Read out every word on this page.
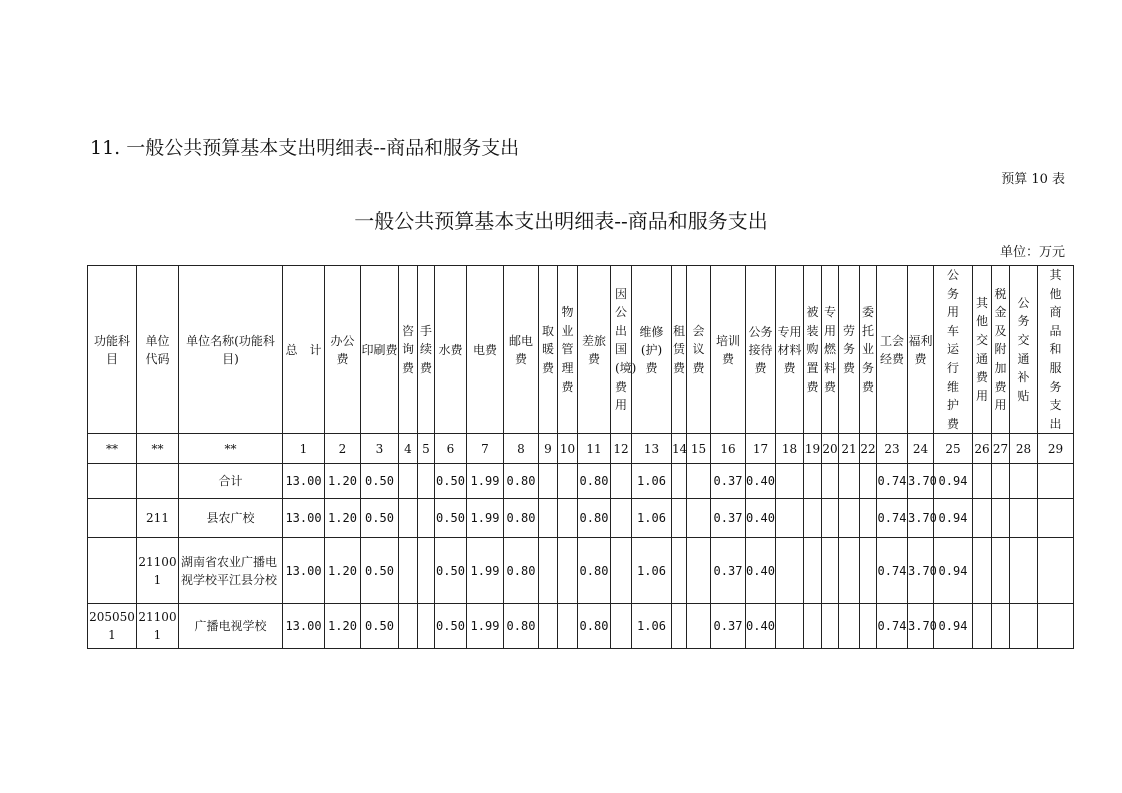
11. 一般公共预算基本支出明细表--商品和服务支出
预算 10 表
一般公共预算基本支出明细表--商品和服务支出
单位：万元
功能科目	单位代码	单位名称(功能科目)	总　计	办公费	印刷费	咨询费	手续费	水费	电费	邮电费	取暖费	物业管理费	差旅费	因公出国(境)费用	维修(护)费	租赁费	会议费	培训费	公务接待费	专用材料费	被装购置费	专用燃料费	劳务费	委托业务费	工会经费	福利费	公务用车运行维护费	其他交通费用	税金及附加费用	公务交通补贴	其他商品和服务支出
**	**	**	1	2	3	4	5	6	7	8	9	10	11	12	13	14	15	16	17	18	19	20	21	22	23	24	25	26	27	28	29
		合计	13.00	1.20	0.50			0.50	1.99	0.80			0.80		1.06			0.37	0.40						0.74	3.70	0.94				
	211	县农广校	13.00	1.20	0.50			0.50	1.99	0.80			0.80		1.06			0.37	0.40						0.74	3.70	0.94				
	211001	湖南省农业广播电视学校平江县分校	13.00	1.20	0.50			0.50	1.99	0.80			0.80		1.06			0.37	0.40						0.74	3.70	0.94				
2050501	211001	广播电视学校	13.00	1.20	0.50			0.50	1.99	0.80			0.80		1.06			0.37	0.40						0.74	3.70	0.94				
